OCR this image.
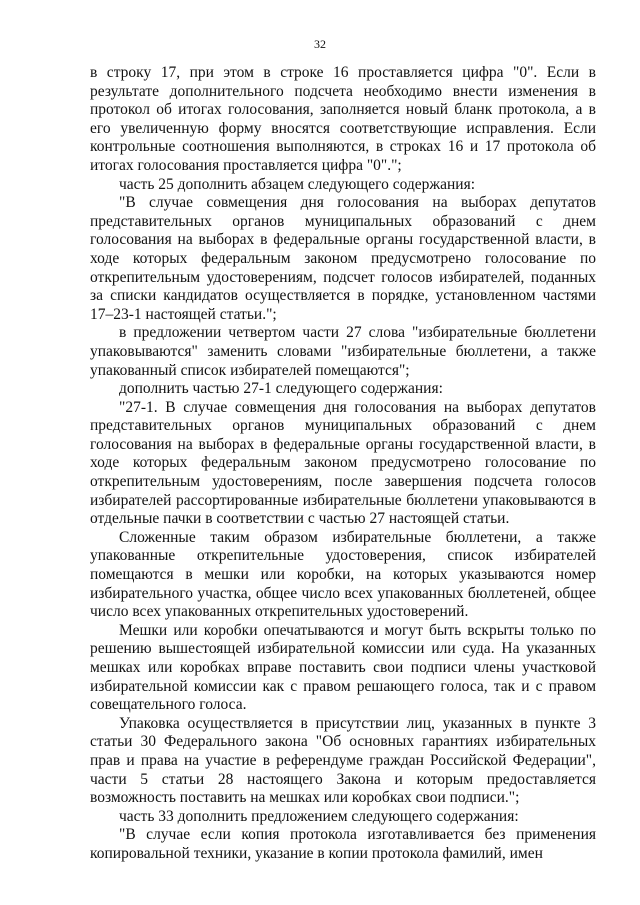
32

в строку 17, при этом в строке 16 проставляется цифра "0". Если в результате дополнительного подсчета необходимо внести изменения в протокол об итогах голосования, заполняется новый бланк протокола, а в его увеличенную форму вносятся соответствующие исправления. Если контрольные соотношения выполняются, в строках 16 и 17 протокола об итогах голосования проставляется цифра "0".";

часть 25 дополнить абзацем следующего содержания:

"В случае совмещения дня голосования на выборах депутатов представительных органов муниципальных образований с днем голосования на выборах в федеральные органы государственной власти, в ходе которых федеральным законом предусмотрено голосование по открепительным удостоверениям, подсчет голосов избирателей, поданных за списки кандидатов осуществляется в порядке, установленном частями 17–23-1 настоящей статьи.";

в предложении четвертом части 27 слова "избирательные бюллетени упаковываются" заменить словами "избирательные бюллетени, а также упакованный список избирателей помещаются";

дополнить частью 27-1 следующего содержания:

"27-1. В случае совмещения дня голосования на выборах депутатов представительных органов муниципальных образований с днем голосования на выборах в федеральные органы государственной власти, в ходе которых федеральным законом предусмотрено голосование по открепительным удостоверениям, после завершения подсчета голосов избирателей рассортированные избирательные бюллетени упаковываются в отдельные пачки в соответствии с частью 27 настоящей статьи.

Сложенные таким образом избирательные бюллетени, а также упакованные открепительные удостоверения, список избирателей помещаются в мешки или коробки, на которых указываются номер избирательного участка, общее число всех упакованных бюллетеней, общее число всех упакованных открепительных удостоверений.

Мешки или коробки опечатываются и могут быть вскрыты только по решению вышестоящей избирательной комиссии или суда. На указанных мешках или коробках вправе поставить свои подписи члены участковой избирательной комиссии как с правом решающего голоса, так и с правом совещательного голоса.

Упаковка осуществляется в присутствии лиц, указанных в пункте 3 статьи 30 Федерального закона "Об основных гарантиях избирательных прав и права на участие в референдуме граждан Российской Федерации", части 5 статьи 28 настоящего Закона и которым предоставляется возможность поставить на мешках или коробках свои подписи.";

часть 33 дополнить предложением следующего содержания:

"В случае если копия протокола изготавливается без применения копировальной техники, указание в копии протокола фамилий, имен
